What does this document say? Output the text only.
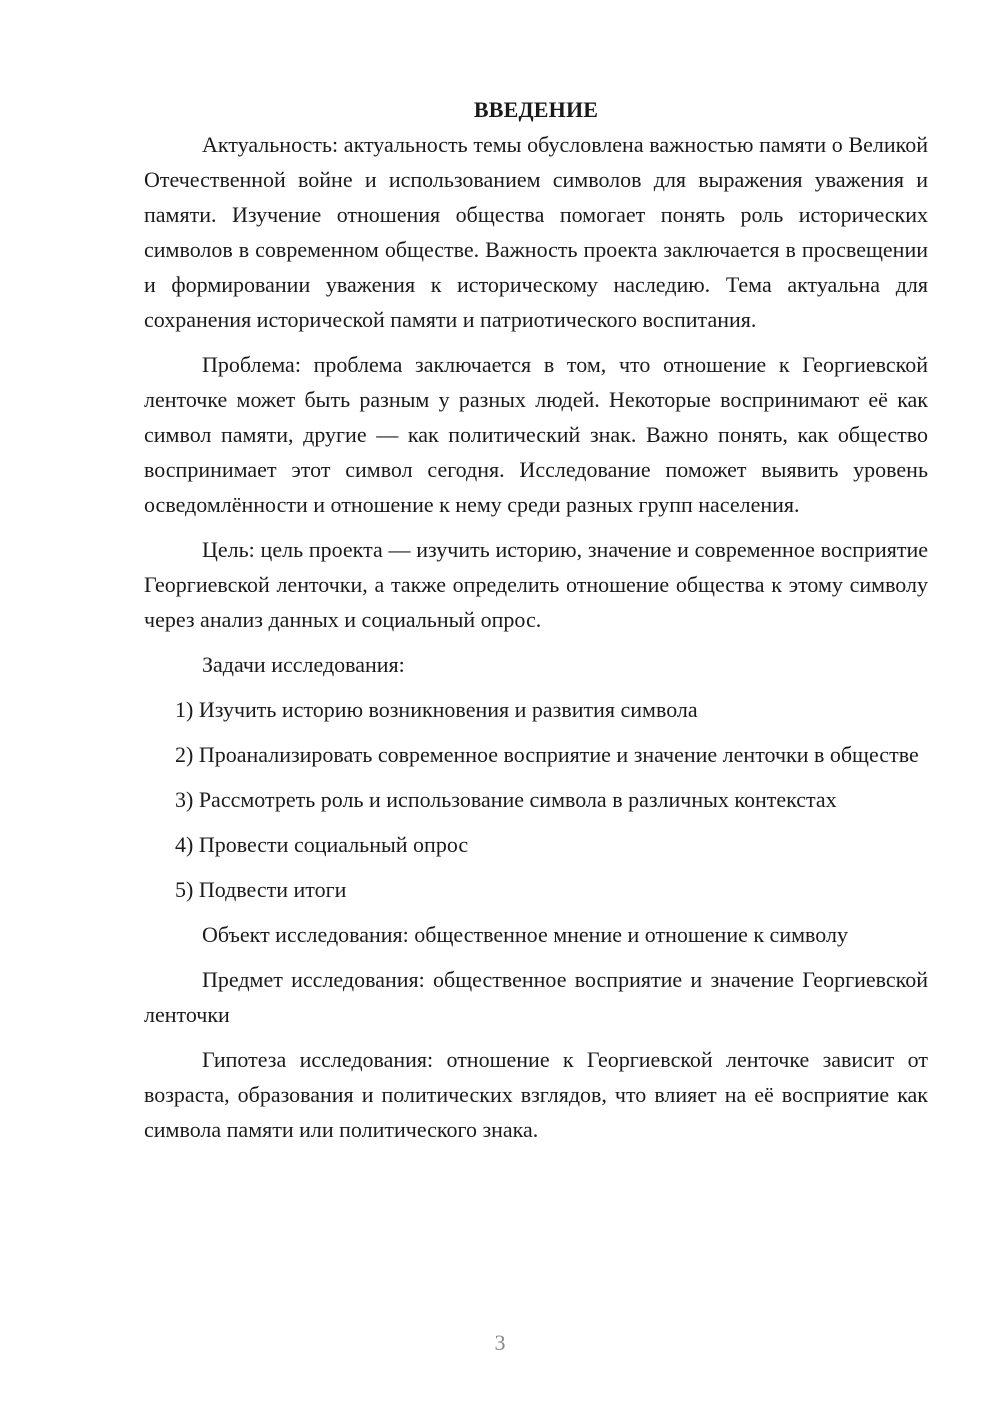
ВВЕДЕНИЕ

Актуальность: актуальность темы обусловлена важностью памяти о Великой Отечественной войне и использованием символов для выражения уважения и памяти. Изучение отношения общества помогает понять роль исторических символов в современном обществе. Важность проекта заключается в просвещении и формировании уважения к историческому наследию. Тема актуальна для сохранения исторической памяти и патриотического воспитания.

Проблема: проблема заключается в том, что отношение к Георгиевской ленточке может быть разным у разных людей. Некоторые воспринимают её как символ памяти, другие — как политический знак. Важно понять, как общество воспринимает этот символ сегодня. Исследование поможет выявить уровень осведомлённости и отношение к нему среди разных групп населения.

Цель: цель проекта — изучить историю, значение и современное восприятие Георгиевской ленточки, а также определить отношение общества к этому символу через анализ данных и социальный опрос.

Задачи исследования:

1) Изучить историю возникновения и развития символа

2) Проанализировать современное восприятие и значение ленточки в обществе

3) Рассмотреть роль и использование символа в различных контекстах

4) Провести социальный опрос

5) Подвести итоги

Объект исследования: общественное мнение и отношение к символу

Предмет исследования: общественное восприятие и значение Георгиевской ленточки

Гипотеза исследования: отношение к Георгиевской ленточке зависит от возраста, образования и политических взглядов, что влияет на её восприятие как символа памяти или политического знака.

3
